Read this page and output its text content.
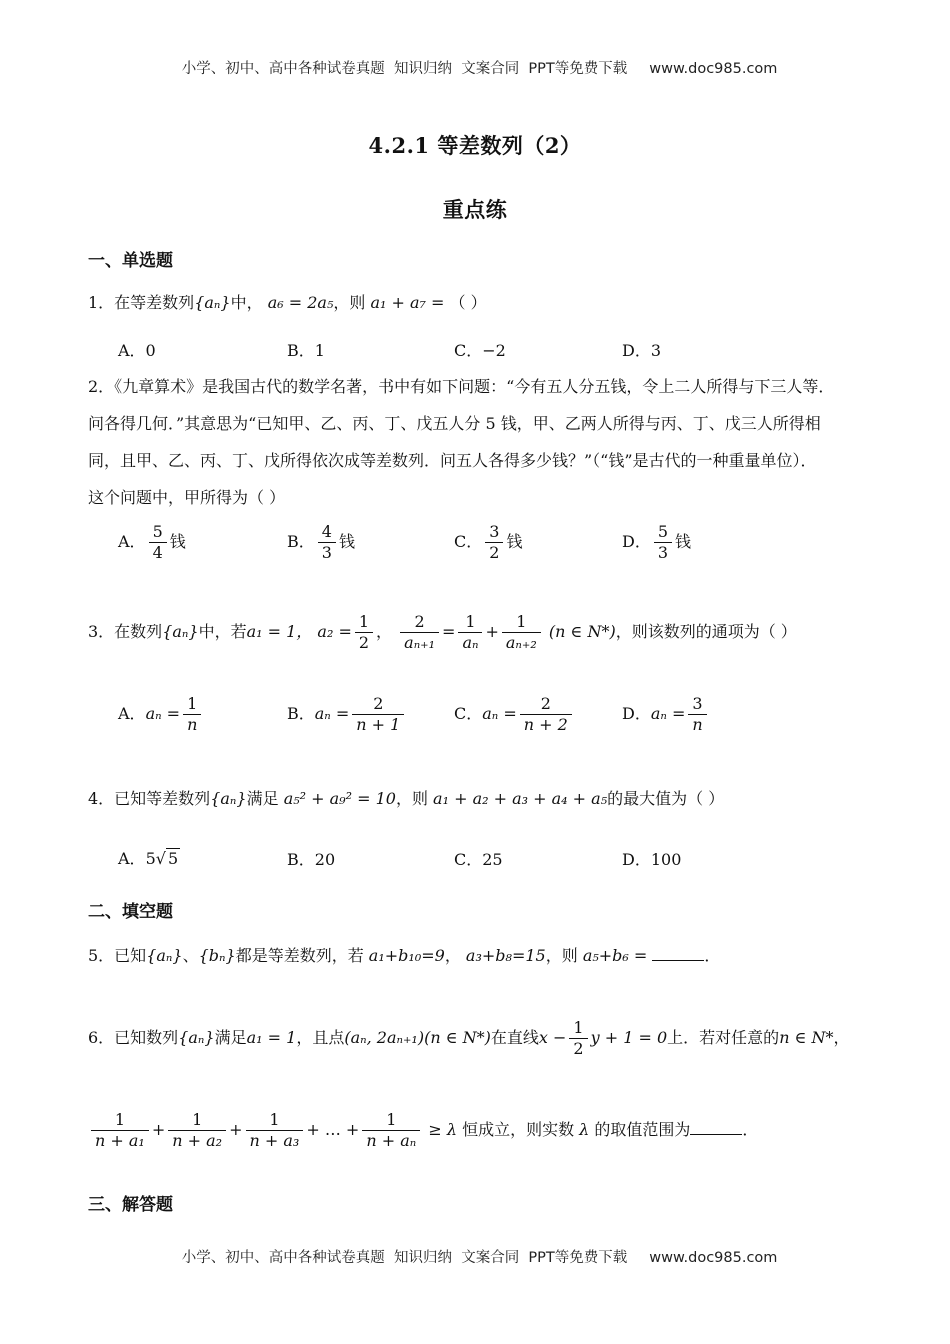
小学、初中、高中各种试卷真题  知识归纳  文案合同  PPT等免费下载 www.doc985.com

小学、初中、高中各种试卷真题  知识归纳  文案合同  PPT等免费下载 www.doc985.com

4.2.1 等差数列（2）
重点练
一、单选题
1．在等差数列{aₙ}中， a₆ = 2a₅，则 a₁ + a₇ = （ ）
A．0	B．1	C．−2	D．3
2．《九章算术》是我国古代的数学名著，书中有如下问题：“今有五人分五钱，令上二人所得与下三人等．
问各得几何．”其意思为“已知甲、乙、丙、丁、戊五人分 5 钱，甲、乙两人所得与丙、丁、戊三人所得相
同，且甲、乙、丙、丁、戊所得依次成等差数列．问五人各得多少钱？”（“钱”是古代的一种重量单位）．
这个问题中，甲所得为（ ）
A． $\frac{5}{4}$ 钱	B． $\frac{4}{3}$ 钱	C． $\frac{3}{2}$ 钱	D． $\frac{5}{3}$ 钱
3．在数列{aₙ}中，若a₁ = 1， $a_2 = \frac{1}{2}$ ， $\frac{2}{\text{aₙ₊₁}} = \frac{1}{\text{aₙ}} + \frac{1}{\text{aₙ₊₂}} (n$ ∈ N*)，则该数列的通项为（ ）
A．$a_n = \frac{1}{n}$	B．$a_n = \frac{2}{n + 1}$	C．$a_n = \frac{2}{n + 2}$	D．$a_n = \frac{3}{n}$
4．已知等差数列{aₙ}满足 a₅² + a₉² = 10，则 a₁ + a₂ + a₃ + a₄ + a₅的最大值为（ ）
A．5√ 5	B．20	C．25	D．100
二、填空题
5．已知{aₙ}、{bₙ}都是等差数列，若 a₁+b₁₀=9， a₃+b₈=15，则 a₅+b₆ =	．
6．已知数列{aₙ}满足a₁ = 1，且点(aₙ, 2aₙ₊₁)(n ∈ N*)在直线$x - \frac{1}{2}$ y + 1 = 0上．若对任意的n ∈ N*，
$\frac{1}{\text{n + a₁}} + \frac{1}{\text{n + a₂}} + \frac{1}{\text{n + a₃}}$ + … + $\frac{1}{\text{n + aₙ}} \ge \lambda$ 恒成立，则实数 λ 的取值范围为	．
三、解答题
